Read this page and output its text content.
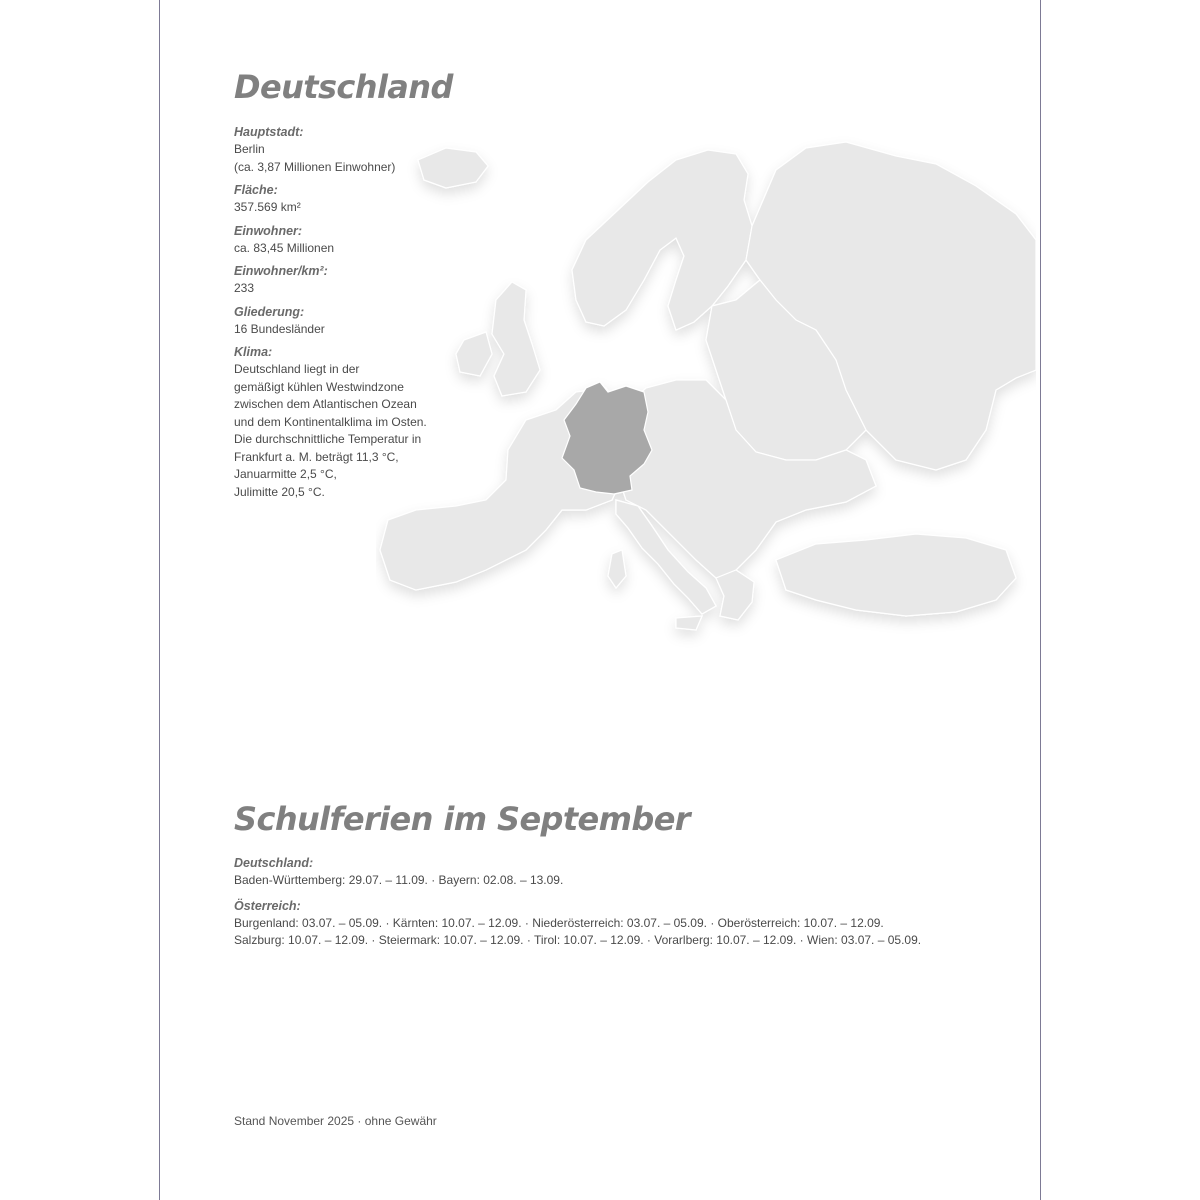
Deutschland
Hauptstadt:
Berlin
(ca. 3,87 Millionen Einwohner)
Fläche:
357.569 km²
Einwohner:
ca. 83,45 Millionen
Einwohner/km²:
233
Gliederung:
16 Bundesländer
Klima:
Deutschland liegt in der
gemäßigt kühlen Westwindzone
zwischen dem Atlantischen Ozean
und dem Kontinentalklima im Osten.
Die durchschnittliche Temperatur in
Frankfurt a. M. beträgt 11,3 °C,
Januarmitte 2,5 °C,
Julimitte 20,5 °C.
Schulferien im September
Deutschland:
Baden-Württemberg: 29.07. – 11.09. · Bayern: 02.08. – 13.09.
Österreich:
Burgenland: 03.07. – 05.09. · Kärnten: 10.07. – 12.09. · Niederösterreich: 03.07. – 05.09. · Oberösterreich: 10.07. – 12.09.
Salzburg: 10.07. – 12.09. · Steiermark: 10.07. – 12.09. · Tirol: 10.07. – 12.09. · Vorarlberg: 10.07. – 12.09. · Wien: 03.07. – 05.09.
Stand November 2025 · ohne Gewähr
